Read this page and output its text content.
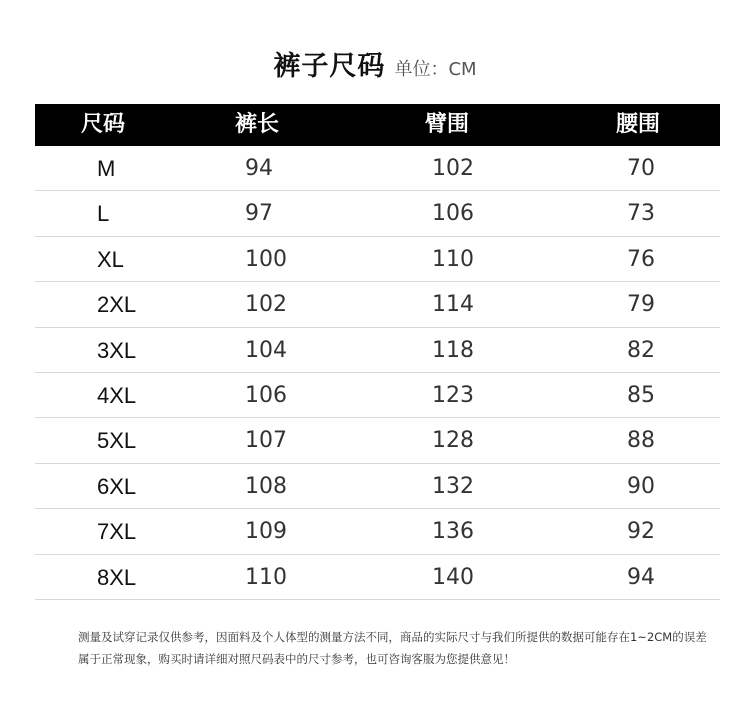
裤子尺码 单位：CM
尺码	裤长	臂围	腰围
M	94	102	70
L	97	106	73
XL	100	110	76
2XL	102	114	79
3XL	104	118	82
4XL	106	123	85
5XL	107	128	88
6XL	108	132	90
7XL	109	136	92
8XL	110	140	94
测量及试穿记录仅供参考，因面料及个人体型的测量方法不同，商品的实际尺寸与我们所提供的数据可能存在1~2CM的误差
属于正常现象，购买时请详细对照尺码表中的尺寸参考，也可咨询客服为您提供意见！
